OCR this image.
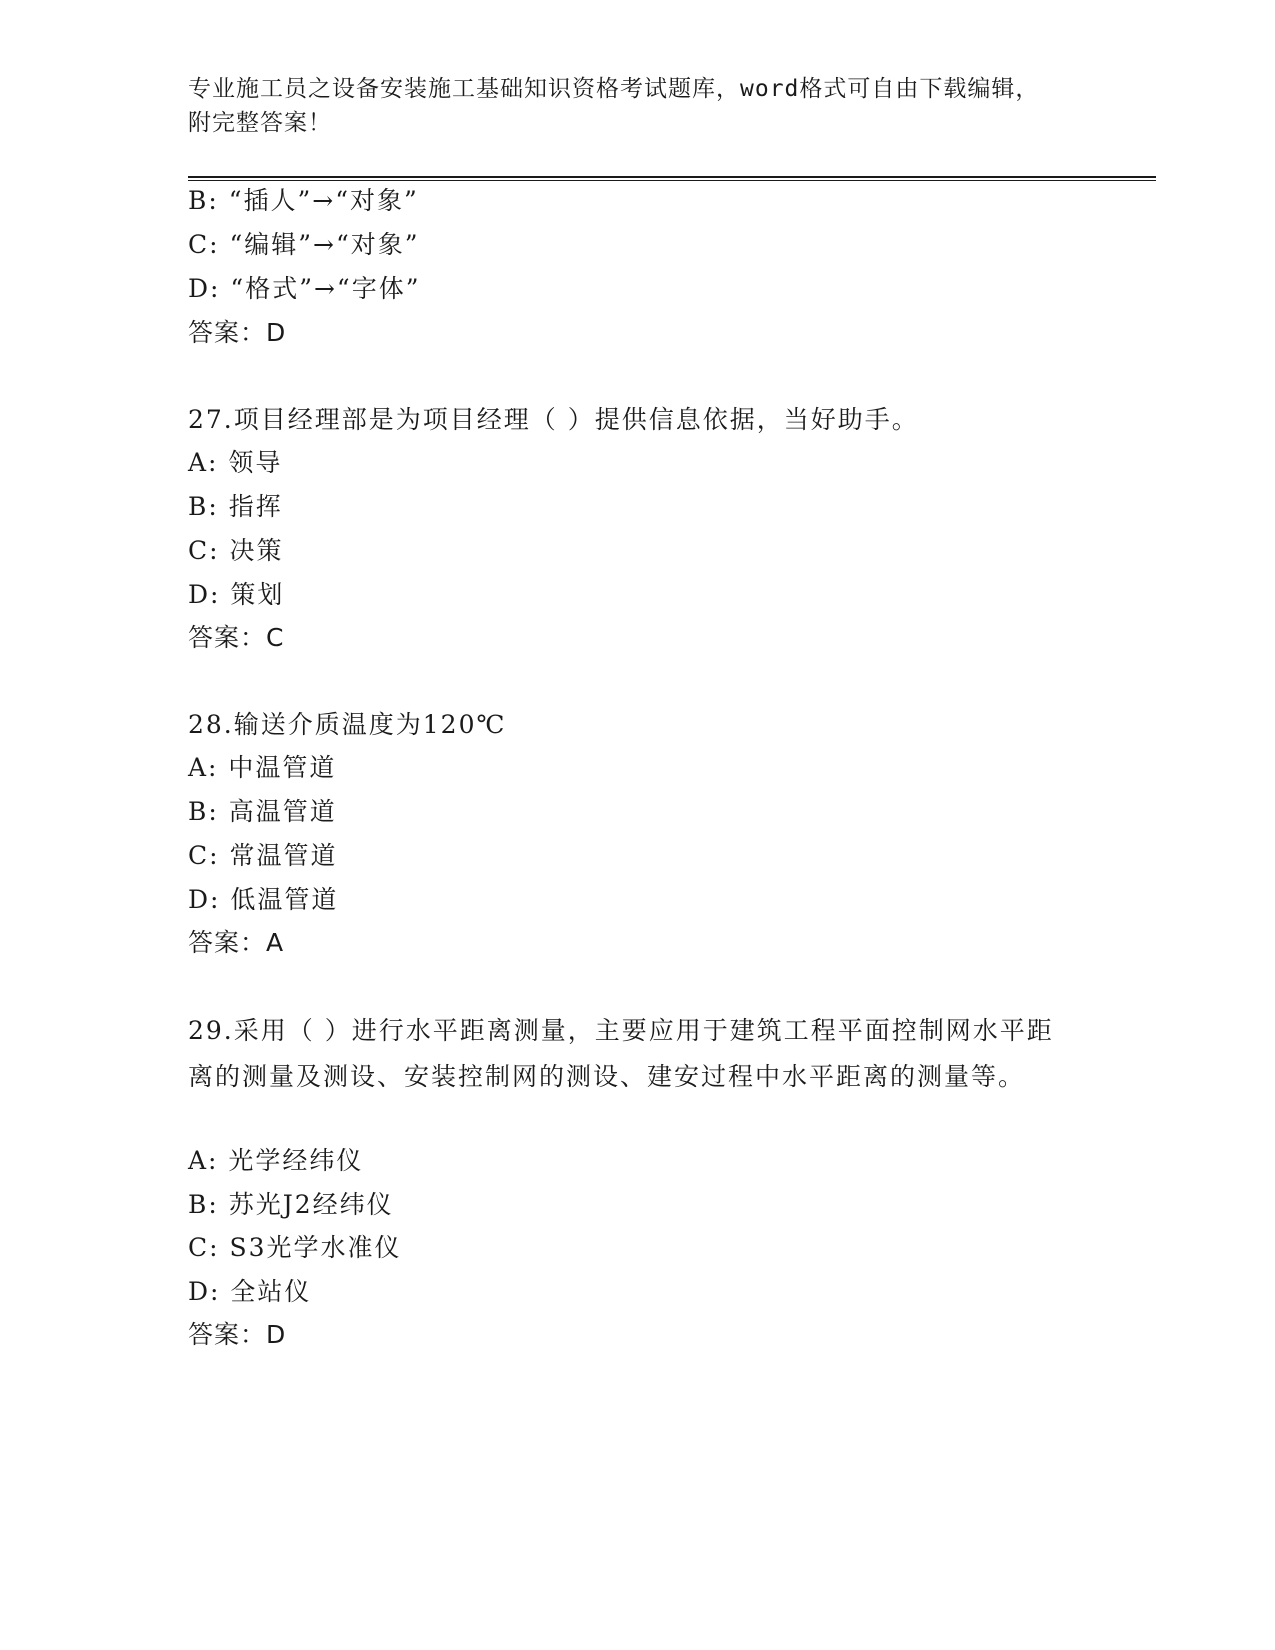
专业施工员之设备安装施工基础知识资格考试题库，word格式可自由下载编辑，
附完整答案！
B: “插人”→“对象”
C: “编辑”→“对象”
D: “格式”→“字体”
答案：D
27.项目经理部是为项目经理（ ）提供信息依据，当好助手。
A: 领导
B: 指挥
C: 决策
D: 策划
答案：C
28.输送介质温度为120℃
A: 中温管道
B: 高温管道
C: 常温管道
D: 低温管道
答案：A
29.采用（ ）进行水平距离测量，主要应用于建筑工程平面控制网水平距离的测量及测设、安装控制网的测设、建安过程中水平距离的测量等。
A: 光学经纬仪
B: 苏光J2经纬仪
C: S3光学水准仪
D: 全站仪
答案：D
